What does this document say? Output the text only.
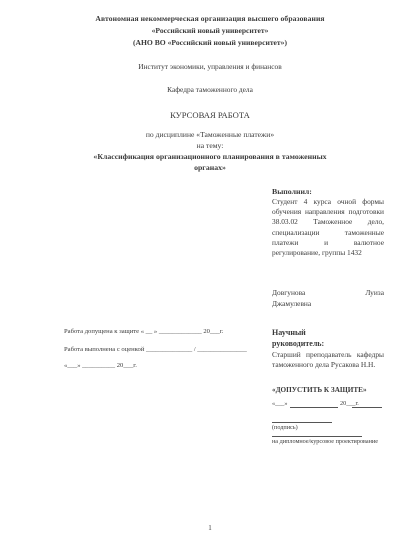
Автономная некоммерческая организация высшего образования
«Российский новый университет»
(АНО ВО «Российский новый университет»)
Институт экономики, управления и финансов
Кафедра таможенного дела
КУРСОВАЯ РАБОТА
по дисциплине «Таможенные платежи»
на тему:
«Классификация организационного планирования в таможенных
органах»
Выполнил:
Студент 4 курса очной формы обучения направления подготовки 38.03.02 Таможенное дело, специализации таможенные платежи и валютное регулирование, группы 1432
Довгунова	Луиза
Джамулевна
Научный
руководитель:
Старший преподаватель кафедры таможенного дела Русакова Н.Н.
«ДОПУСТИТЬ К ЗАЩИТЕ»
«___»	20___г.
(подпись)
на дипломное/курсовое проектирование
Работа допущена к защите « __ » _____________ 20___г.
Работа выполнена с оценкой ______________ / _______________
«___» __________ 20___г.
1
